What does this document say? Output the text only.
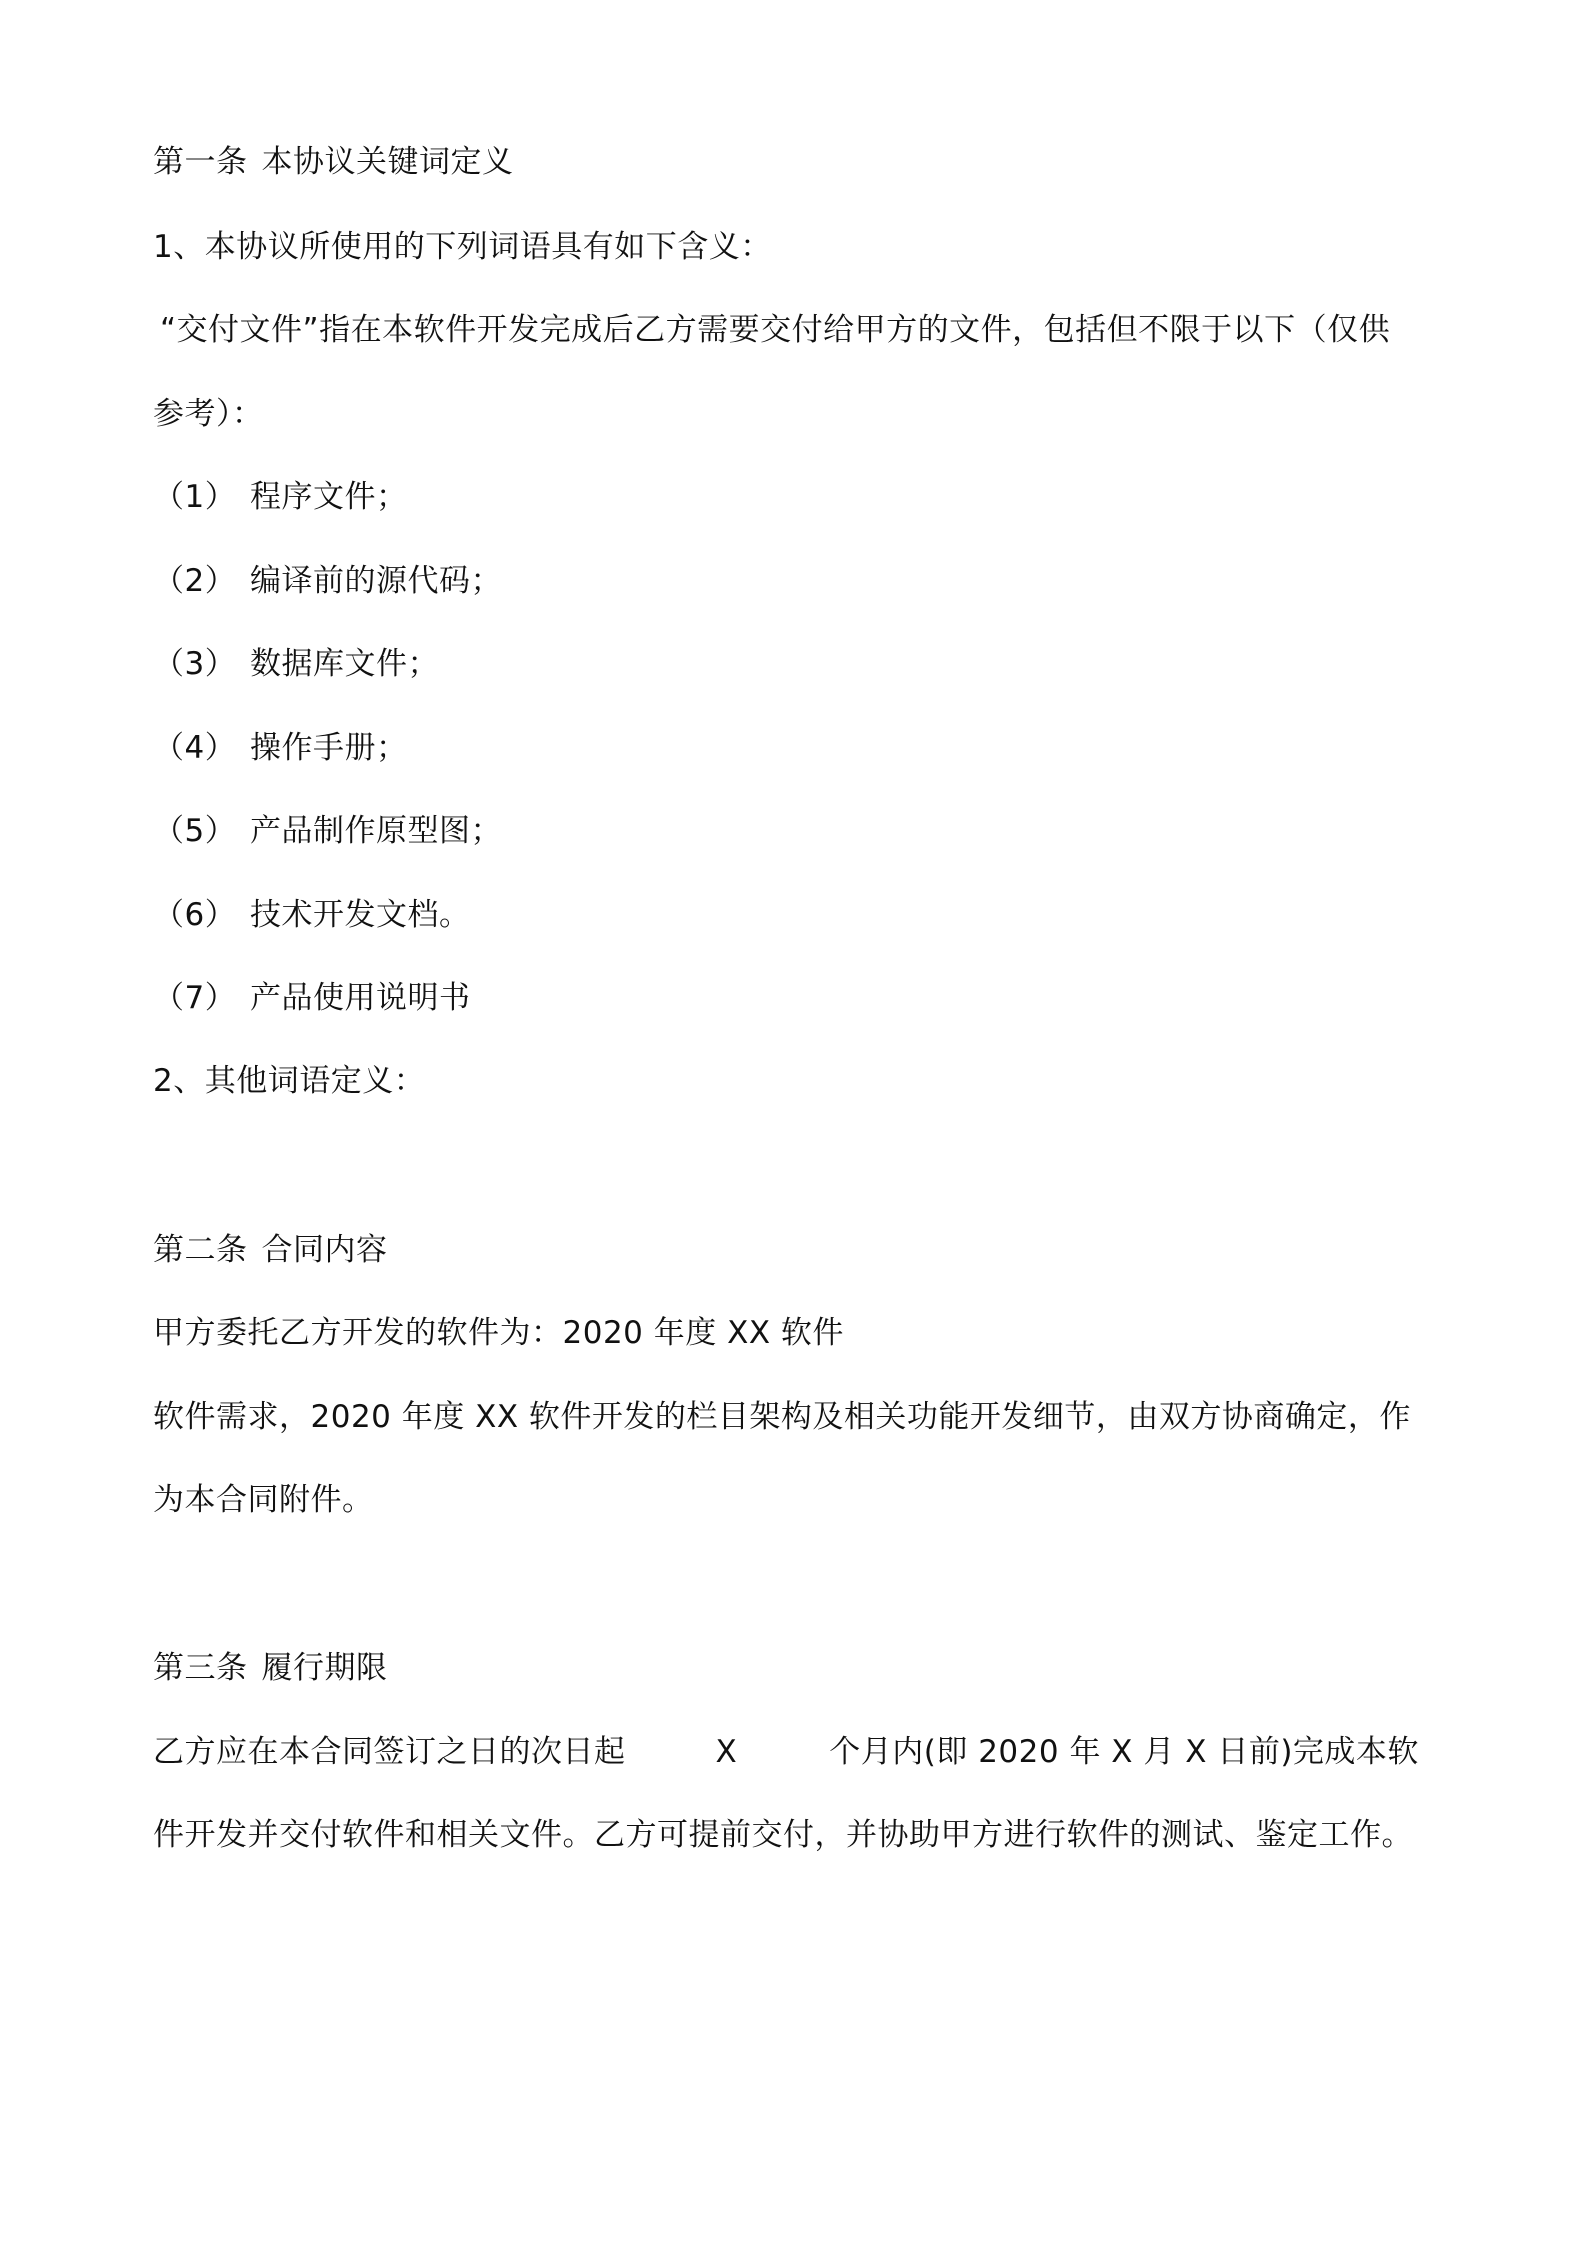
第一条 本协议关键词定义
1、本协议所使用的下列词语具有如下含义：
“交付文件”指在本软件开发完成后乙方需要交付给甲方的文件，包括但不限于以下（仅供
参考）：
（1） 程序文件；
（2） 编译前的源代码；
（3） 数据库文件；
（4） 操作手册；
（5） 产品制作原型图；
（6） 技术开发文档。
（7） 产品使用说明书
2、其他词语定义：
第二条 合同内容
甲方委托乙方开发的软件为：2020 年度 XX 软件
软件需求，2020 年度 XX 软件开发的栏目架构及相关功能开发细节，由双方协商确定，作
为本合同附件。
第三条 履行期限
乙方应在本合同签订之日的次日起	X	个月内(即 2020 年 X 月 X 日前)完成本软
件开发并交付软件和相关文件。乙方可提前交付，并协助甲方进行软件的测试、鉴定工作。
